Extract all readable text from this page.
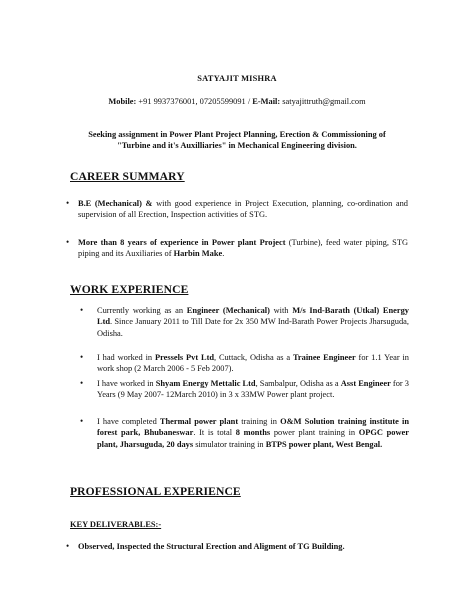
SATYAJIT MISHRA
Mobile: +91 9937376001, 07205599091 / E-Mail: satyajittruth@gmail.com
Seeking assignment in Power Plant Project Planning, Erection & Commissioning of
"Turbine and it's Auxilliaries" in Mechanical Engineering division.
CAREER SUMMARY
• B.E (Mechanical) & with good experience in Project Execution, planning, co-ordination and supervision of all Erection, Inspection activities of STG.
• More than 8 years of experience in Power plant Project (Turbine), feed water piping, STG piping and its Auxiliaries of Harbin Make.
WORK EXPERIENCE
• Currently working as an Engineer (Mechanical) with M/s Ind-Barath (Utkal) Energy Ltd. Since January 2011 to Till Date for 2x 350 MW Ind-Barath Power Projects Jharsuguda, Odisha.
• I had worked in Pressels Pvt Ltd, Cuttack, Odisha as a Trainee Engineer for 1.1 Year in work shop (2 March 2006 - 5 Feb 2007).
• I have worked in Shyam Energy Mettalic Ltd, Sambalpur, Odisha as a Asst Engineer for 3 Years (9 May 2007- 12March 2010) in 3 x 33MW Power plant project.
• I have completed Thermal power plant training in O&M Solution training institute in forest park, Bhubaneswar. It is total 8 months power plant training in OPGC power plant, Jharsuguda, 20 days simulator training in BTPS power plant, West Bengal.
PROFESSIONAL EXPERIENCE
KEY DELIVERABLES:-
• Observed, Inspected the Structural Erection and Aligment of TG Building.
